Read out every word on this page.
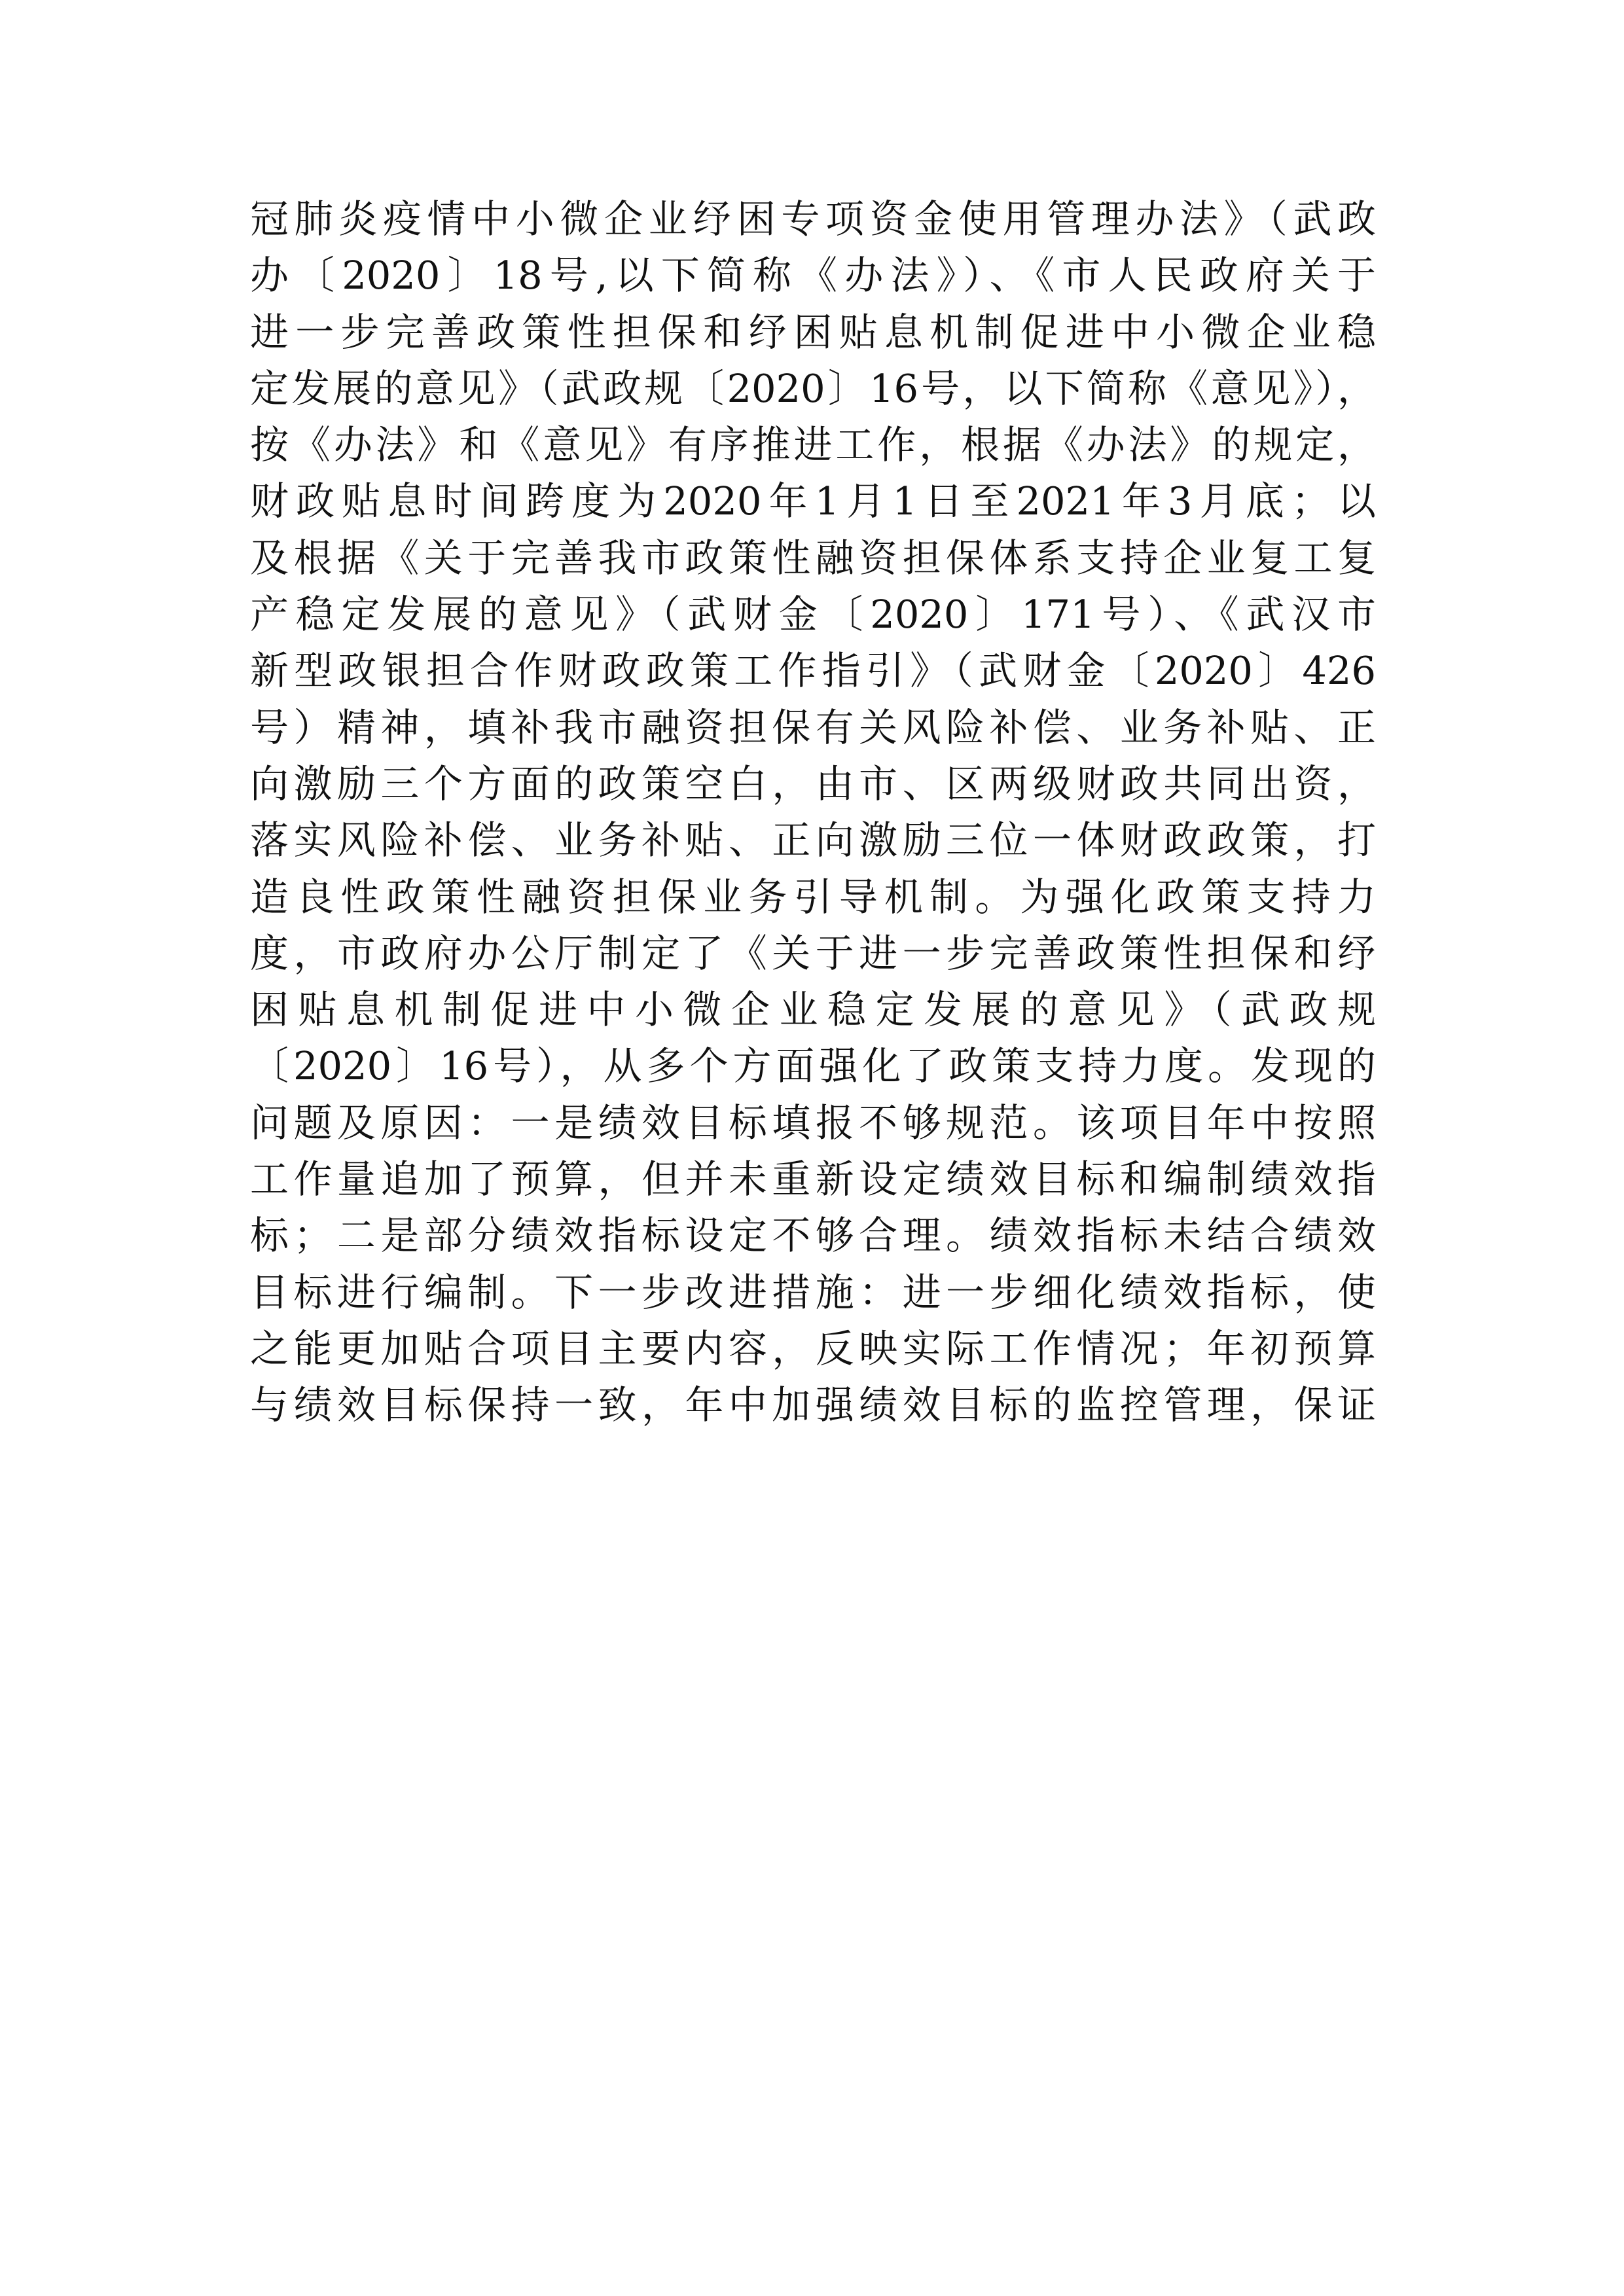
冠肺炎疫情中小微企业纾困专项资金使用管理办法》（武政
办〔2020〕18号,以下简称《办法》）、《市人民政府关于
进一步完善政策性担保和纾困贴息机制促进中小微企业稳
定发展的意见》（武政规〔2020〕16号，以下简称《意见》），
按《办法》和《意见》有序推进工作，根据《办法》的规定，
财政贴息时间跨度为2020年1月1日至2021年3月底；以
及根据《关于完善我市政策性融资担保体系支持企业复工复
产稳定发展的意见》（武财金〔2020〕171号）、《武汉市
新型政银担合作财政政策工作指引》（武财金〔2020〕426
号）精神，填补我市融资担保有关风险补偿、业务补贴、正
向激励三个方面的政策空白，由市、区两级财政共同出资，
落实风险补偿、业务补贴、正向激励三位一体财政政策，打
造良性政策性融资担保业务引导机制。为强化政策支持力
度，市政府办公厅制定了《关于进一步完善政策性担保和纾
困贴息机制促进中小微企业稳定发展的意见》（武政规
〔2020〕16号），从多个方面强化了政策支持力度。发现的
问题及原因：一是绩效目标填报不够规范。该项目年中按照
工作量追加了预算，但并未重新设定绩效目标和编制绩效指
标；二是部分绩效指标设定不够合理。绩效指标未结合绩效
目标进行编制。下一步改进措施：进一步细化绩效指标，使
之能更加贴合项目主要内容，反映实际工作情况；年初预算
与绩效目标保持一致，年中加强绩效目标的监控管理，保证
